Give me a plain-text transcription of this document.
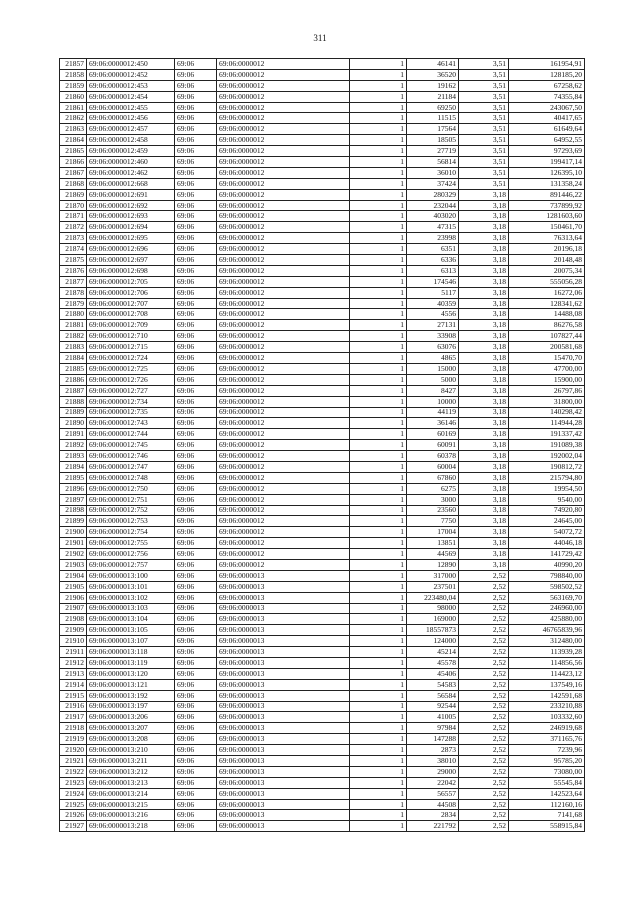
311
21857	69:06:0000012:450	69:06	69:06:0000012	1	46141	3,51	161954,91
21858	69:06:0000012:452	69:06	69:06:0000012	1	36520	3,51	128185,20
21859	69:06:0000012:453	69:06	69:06:0000012	1	19162	3,51	67258,62
21860	69:06:0000012:454	69:06	69:06:0000012	1	21184	3,51	74355,84
21861	69:06:0000012:455	69:06	69:06:0000012	1	69250	3,51	243067,50
21862	69:06:0000012:456	69:06	69:06:0000012	1	11515	3,51	40417,65
21863	69:06:0000012:457	69:06	69:06:0000012	1	17564	3,51	61649,64
21864	69:06:0000012:458	69:06	69:06:0000012	1	18505	3,51	64952,55
21865	69:06:0000012:459	69:06	69:06:0000012	1	27719	3,51	97293,69
21866	69:06:0000012:460	69:06	69:06:0000012	1	56814	3,51	199417,14
21867	69:06:0000012:462	69:06	69:06:0000012	1	36010	3,51	126395,10
21868	69:06:0000012:668	69:06	69:06:0000012	1	37424	3,51	131358,24
21869	69:06:0000012:691	69:06	69:06:0000012	1	280329	3,18	891446,22
21870	69:06:0000012:692	69:06	69:06:0000012	1	232044	3,18	737899,92
21871	69:06:0000012:693	69:06	69:06:0000012	1	403020	3,18	1281603,60
21872	69:06:0000012:694	69:06	69:06:0000012	1	47315	3,18	150461,70
21873	69:06:0000012:695	69:06	69:06:0000012	1	23998	3,18	76313,64
21874	69:06:0000012:696	69:06	69:06:0000012	1	6351	3,18	20196,18
21875	69:06:0000012:697	69:06	69:06:0000012	1	6336	3,18	20148,48
21876	69:06:0000012:698	69:06	69:06:0000012	1	6313	3,18	20075,34
21877	69:06:0000012:705	69:06	69:06:0000012	1	174546	3,18	555056,28
21878	69:06:0000012:706	69:06	69:06:0000012	1	5117	3,18	16272,06
21879	69:06:0000012:707	69:06	69:06:0000012	1	40359	3,18	128341,62
21880	69:06:0000012:708	69:06	69:06:0000012	1	4556	3,18	14488,08
21881	69:06:0000012:709	69:06	69:06:0000012	1	27131	3,18	86276,58
21882	69:06:0000012:710	69:06	69:06:0000012	1	33908	3,18	107827,44
21883	69:06:0000012:715	69:06	69:06:0000012	1	63076	3,18	200581,68
21884	69:06:0000012:724	69:06	69:06:0000012	1	4865	3,18	15470,70
21885	69:06:0000012:725	69:06	69:06:0000012	1	15000	3,18	47700,00
21886	69:06:0000012:726	69:06	69:06:0000012	1	5000	3,18	15900,00
21887	69:06:0000012:727	69:06	69:06:0000012	1	8427	3,18	26797,86
21888	69:06:0000012:734	69:06	69:06:0000012	1	10000	3,18	31800,00
21889	69:06:0000012:735	69:06	69:06:0000012	1	44119	3,18	140298,42
21890	69:06:0000012:743	69:06	69:06:0000012	1	36146	3,18	114944,28
21891	69:06:0000012:744	69:06	69:06:0000012	1	60169	3,18	191337,42
21892	69:06:0000012:745	69:06	69:06:0000012	1	60091	3,18	191089,38
21893	69:06:0000012:746	69:06	69:06:0000012	1	60378	3,18	192002,04
21894	69:06:0000012:747	69:06	69:06:0000012	1	60004	3,18	190812,72
21895	69:06:0000012:748	69:06	69:06:0000012	1	67860	3,18	215794,80
21896	69:06:0000012:750	69:06	69:06:0000012	1	6275	3,18	19954,50
21897	69:06:0000012:751	69:06	69:06:0000012	1	3000	3,18	9540,00
21898	69:06:0000012:752	69:06	69:06:0000012	1	23560	3,18	74920,80
21899	69:06:0000012:753	69:06	69:06:0000012	1	7750	3,18	24645,00
21900	69:06:0000012:754	69:06	69:06:0000012	1	17004	3,18	54072,72
21901	69:06:0000012:755	69:06	69:06:0000012	1	13851	3,18	44046,18
21902	69:06:0000012:756	69:06	69:06:0000012	1	44569	3,18	141729,42
21903	69:06:0000012:757	69:06	69:06:0000012	1	12890	3,18	40990,20
21904	69:06:0000013:100	69:06	69:06:0000013	1	317000	2,52	798840,00
21905	69:06:0000013:101	69:06	69:06:0000013	1	237501	2,52	598502,52
21906	69:06:0000013:102	69:06	69:06:0000013	1	223480,04	2,52	563169,70
21907	69:06:0000013:103	69:06	69:06:0000013	1	98000	2,52	246960,00
21908	69:06:0000013:104	69:06	69:06:0000013	1	169000	2,52	425880,00
21909	69:06:0000013:105	69:06	69:06:0000013	1	18557873	2,52	46765839,96
21910	69:06:0000013:107	69:06	69:06:0000013	1	124000	2,52	312480,00
21911	69:06:0000013:118	69:06	69:06:0000013	1	45214	2,52	113939,28
21912	69:06:0000013:119	69:06	69:06:0000013	1	45578	2,52	114856,56
21913	69:06:0000013:120	69:06	69:06:0000013	1	45406	2,52	114423,12
21914	69:06:0000013:121	69:06	69:06:0000013	1	54583	2,52	137549,16
21915	69:06:0000013:192	69:06	69:06:0000013	1	56584	2,52	142591,68
21916	69:06:0000013:197	69:06	69:06:0000013	1	92544	2,52	233210,88
21917	69:06:0000013:206	69:06	69:06:0000013	1	41005	2,52	103332,60
21918	69:06:0000013:207	69:06	69:06:0000013	1	97984	2,52	246919,68
21919	69:06:0000013:208	69:06	69:06:0000013	1	147288	2,52	371165,76
21920	69:06:0000013:210	69:06	69:06:0000013	1	2873	2,52	7239,96
21921	69:06:0000013:211	69:06	69:06:0000013	1	38010	2,52	95785,20
21922	69:06:0000013:212	69:06	69:06:0000013	1	29000	2,52	73080,00
21923	69:06:0000013:213	69:06	69:06:0000013	1	22042	2,52	55545,84
21924	69:06:0000013:214	69:06	69:06:0000013	1	56557	2,52	142523,64
21925	69:06:0000013:215	69:06	69:06:0000013	1	44508	2,52	112160,16
21926	69:06:0000013:216	69:06	69:06:0000013	1	2834	2,52	7141,68
21927	69:06:0000013:218	69:06	69:06:0000013	1	221792	2,52	558915,84
